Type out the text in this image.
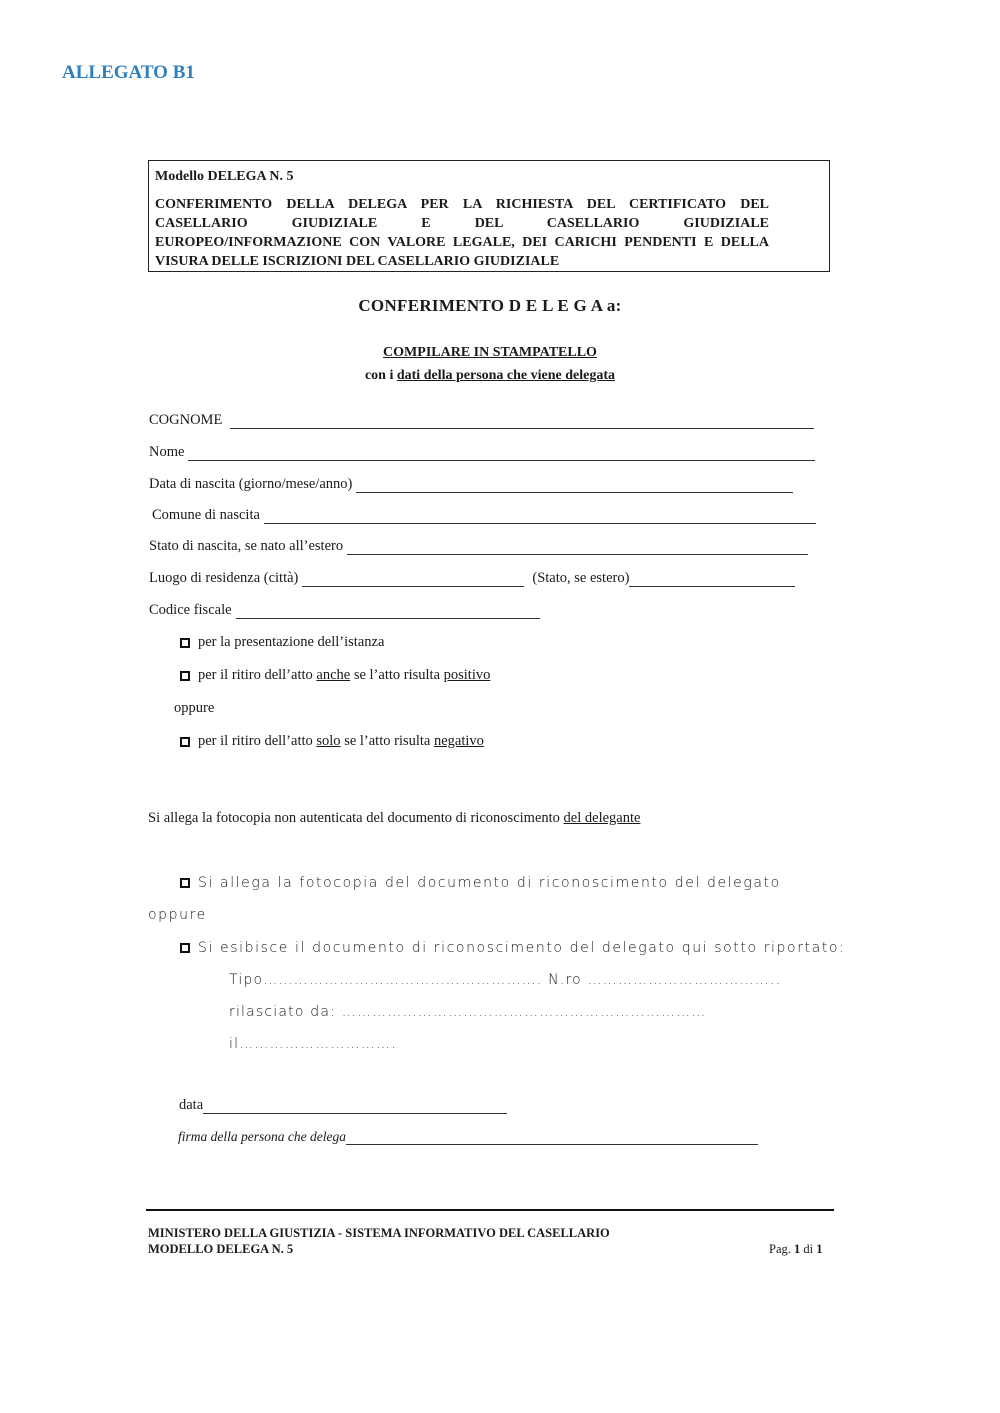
ALLEGATO B1
Modello DELEGA N. 5
CONFERIMENTO DELLA DELEGA PER LA RICHIESTA DEL CERTIFICATO DEL
CASELLARIO GIUDIZIALE E DEL CASELLARIO GIUDIZIALE
EUROPEO/INFORMAZIONE CON VALORE LEGALE, DEI CARICHI PENDENTI E DELLA
VISURA DELLE ISCRIZIONI DEL CASELLARIO GIUDIZIALE
CONFERIMENTO D E L E G A a:
COMPILARE IN STAMPATELLO
con i dati della persona che viene delegata
COGNOME
Nome
Data di nascita (giorno/mese/anno)
Comune di nascita
Stato di nascita, se nato all’estero
Luogo di residenza (città)	(Stato, se estero)
Codice fiscale
per la presentazione dell’istanza
per il ritiro dell’atto anche se l’atto risulta positivo
oppure
per il ritiro dell’atto solo se l’atto risulta negativo
Si allega la fotocopia non autenticata del documento di riconoscimento del delegante
Si allega la fotocopia del documento di riconoscimento del delegato
oppure
Si esibisce il documento di riconoscimento del delegato qui sotto riportato:
Tipo………………………………………………. N.ro ………………………………..
rilasciato da: ………………………………………………………………
il………………………….
data
firma della persona che delega
MINISTERO DELLA GIUSTIZIA - SISTEMA INFORMATIVO DEL CASELLARIO
MODELLO DELEGA N. 5	Pag. 1 di 1
